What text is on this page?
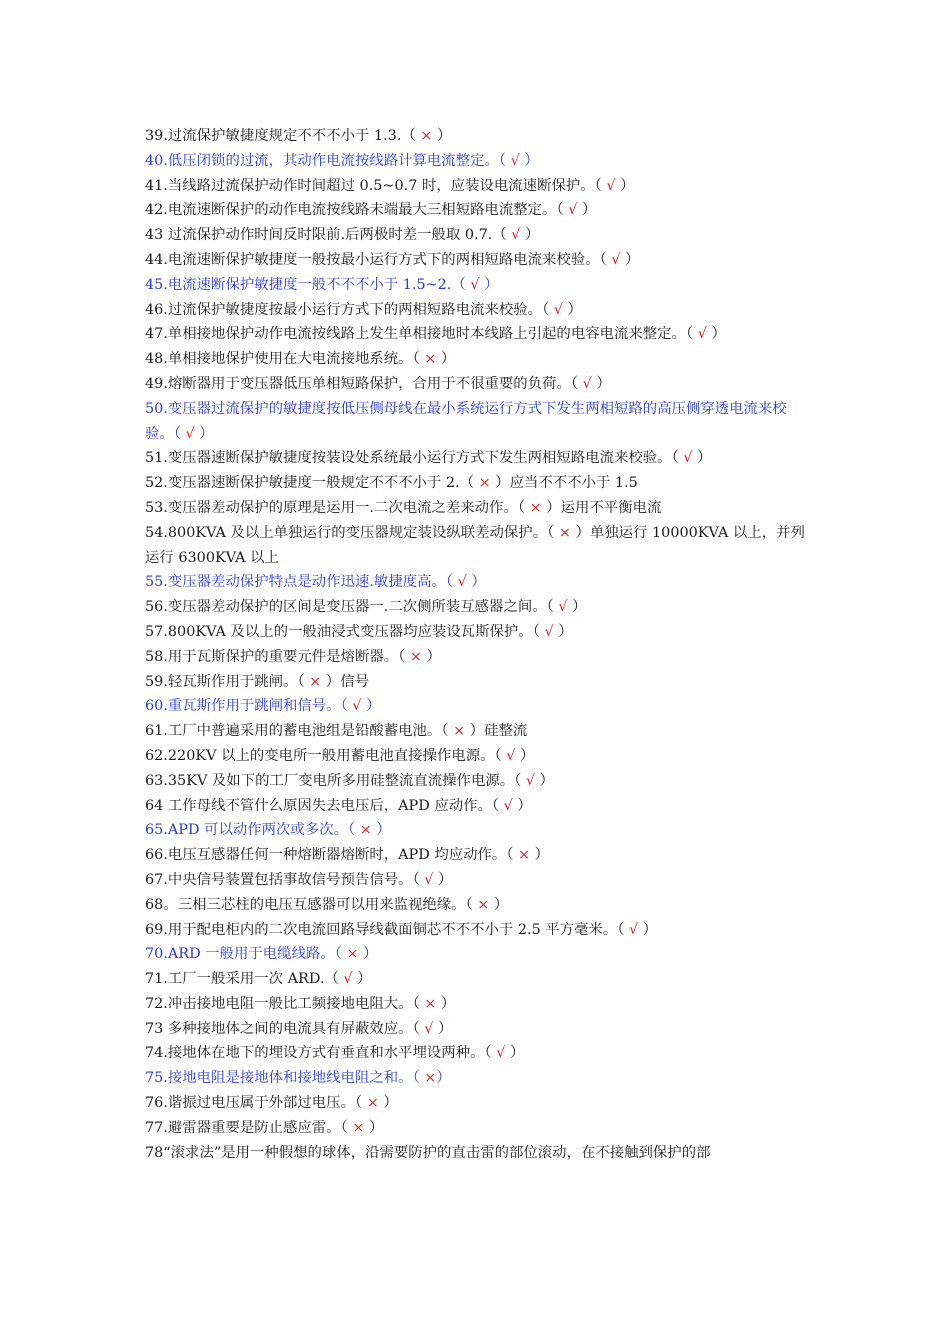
39.过流保护敏捷度规定不不不小于 1.3.（ × ）

40.低压闭锁的过流，其动作电流按线路计算电流整定。（ √ ）

41.当线路过流保护动作时间超过 0.5~0.7 时，应装设电流速断保护。（ √ ）

42.电流速断保护的动作电流按线路未端最大三相短路电流整定。（ √ ）

43 过流保护动作时间反时限前.后两极时差一般取 0.7.（ √ ）

44.电流速断保护敏捷度一般按最小运行方式下的两相短路电流来校验。（ √ ）

45.电流速断保护敏捷度一般不不不小于 1.5~2.（ √ ）

46.过流保护敏捷度按最小运行方式下的两相短路电流来校验。（ √ ）

47.单相接地保护动作电流按线路上发生单相接地时本线路上引起的电容电流来整定。（ √ ）

48.单相接地保护使用在大电流接地系统。（ × ）

49.熔断器用于变压器低压单相短路保护，合用于不很重要的负荷。（ √ ）

50.变压器过流保护的敏捷度按低压侧母线在最小系统运行方式下发生两相短路的高压侧穿透电流来校验。（ √ ）

51.变压器速断保护敏捷度按装设处系统最小运行方式下发生两相短路电流来校验。（ √ ）

52.变压器速断保护敏捷度一般规定不不不小于 2.（ × ）应当不不不小于 1.5

53.变压器差动保护的原理是运用一.二次电流之差来动作。（ × ）运用不平衡电流

54.800KVA 及以上单独运行的变压器规定装设纵联差动保护。（ × ）单独运行 10000KVA 以上，并列运行 6300KVA 以上

55.变压器差动保护特点是动作迅速.敏捷度高。（ √ ）

56.变压器差动保护的区间是变压器一.二次侧所装互感器之间。（ √ ）

57.800KVA 及以上的一般油浸式变压器均应装设瓦斯保护。（ √ ）

58.用于瓦斯保护的重要元件是熔断器。（ × ）

59.轻瓦斯作用于跳闸。（ × ）信号

60.重瓦斯作用于跳闸和信号。（ √ ）

61.工厂中普遍采用的蓄电池组是铅酸蓄电池。（ × ）硅整流

62.220KV 以上的变电所一般用蓄电池直接操作电源。（ √ ）

63.35KV 及如下的工厂变电所多用硅整流直流操作电源。（ √ ）

64 工作母线不管什么原因失去电压后，APD 应动作。（ √ ）

65.APD 可以动作两次或多次。（ × ）

66.电压互感器任何一种熔断器熔断时，APD 均应动作。（ × ）

67.中央信号装置包括事故信号预告信号。（ √ ）

68。三相三芯柱的电压互感器可以用来监视绝缘。（ × ）

69.用于配电柜内的二次电流回路导线截面铜芯不不不小于 2.5 平方毫米。（ √ ）

70.ARD 一般用于电缆线路。（ × ）

71.工厂一般采用一次 ARD.（ √ ）

72.冲击接地电阻一般比工频接地电阻大。（ × ）

73 多种接地体之间的电流具有屏蔽效应。（ √ ）

74.接地体在地下的埋设方式有垂直和水平埋设两种。（ √ ）

75.接地电阻是接地体和接地线电阻之和。（ ×）

76.谐振过电压属于外部过电压。（ × ）

77.避雷器重要是防止感应雷。（ × ）

78“滚求法”是用一种假想的球体，沿需要防护的直击雷的部位滚动，在不接触到保护的部
